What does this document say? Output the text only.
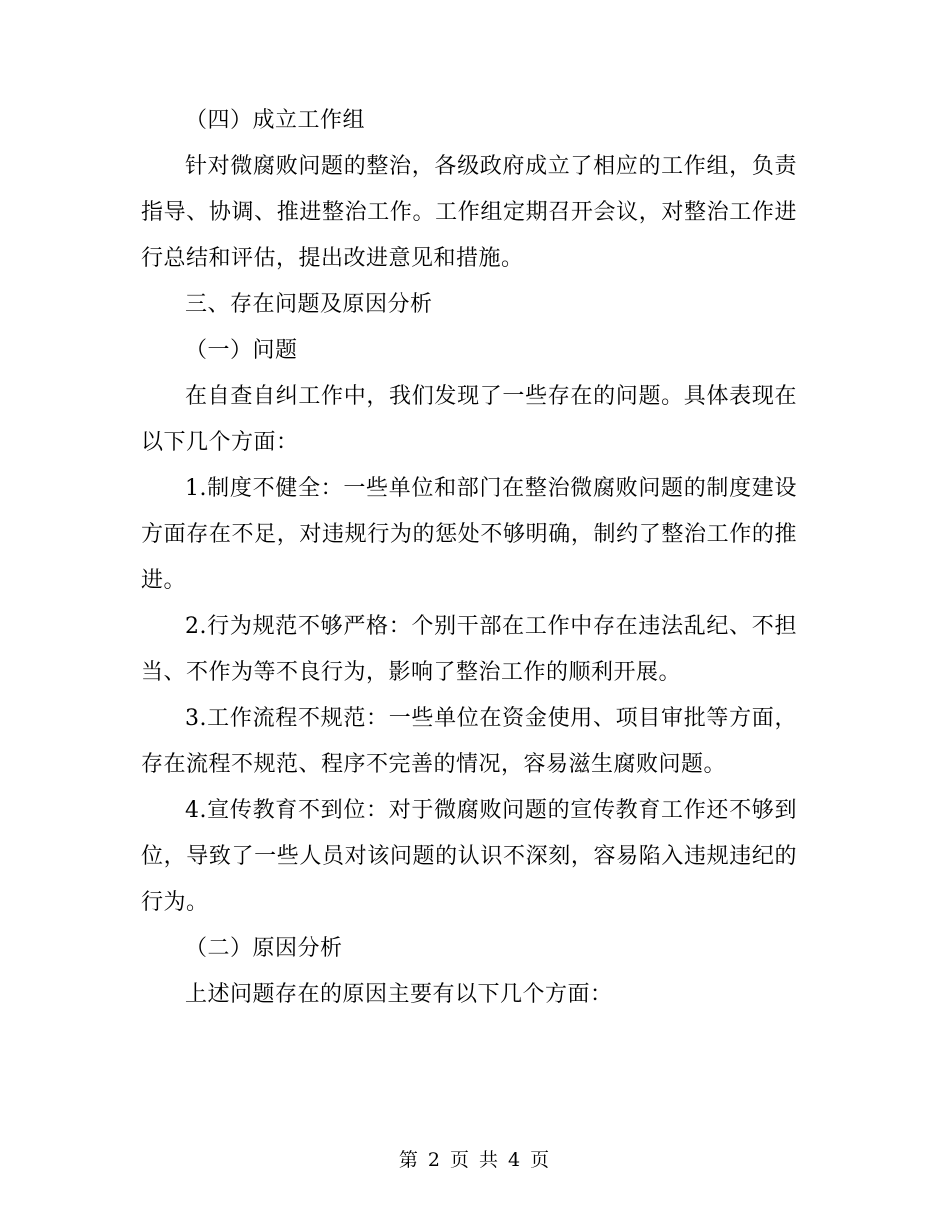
（四）成立工作组

针对微腐败问题的整治，各级政府成立了相应的工作组，负责指导、协调、推进整治工作。工作组定期召开会议，对整治工作进行总结和评估，提出改进意见和措施。

三、存在问题及原因分析

（一）问题

在自查自纠工作中，我们发现了一些存在的问题。具体表现在以下几个方面：

1.制度不健全：一些单位和部门在整治微腐败问题的制度建设方面存在不足，对违规行为的惩处不够明确，制约了整治工作的推进。

2.行为规范不够严格：个别干部在工作中存在违法乱纪、不担当、不作为等不良行为，影响了整治工作的顺利开展。

3.工作流程不规范：一些单位在资金使用、项目审批等方面，存在流程不规范、程序不完善的情况，容易滋生腐败问题。

4.宣传教育不到位：对于微腐败问题的宣传教育工作还不够到位，导致了一些人员对该问题的认识不深刻，容易陷入违规违纪的行为。

（二）原因分析

上述问题存在的原因主要有以下几个方面：

第 2 页 共 4 页
